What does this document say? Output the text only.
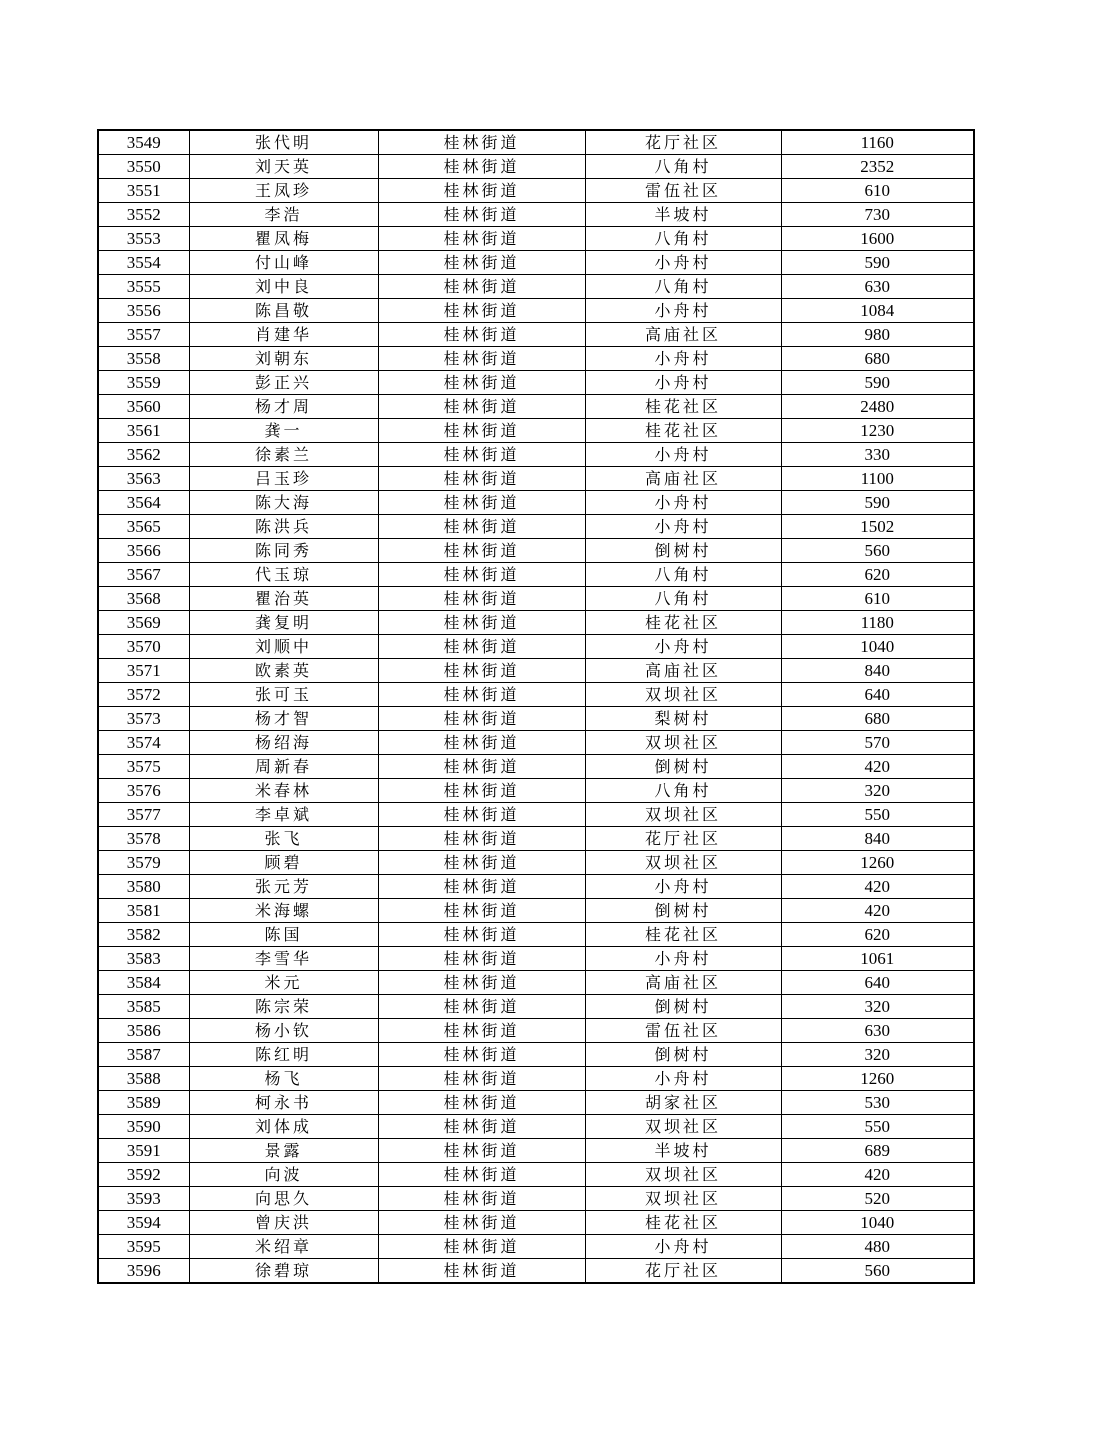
3549	张代明	桂林街道	花厅社区	1160
3550	刘天英	桂林街道	八角村	2352
3551	王凤珍	桂林街道	雷伍社区	610
3552	李浩	桂林街道	半坡村	730
3553	瞿凤梅	桂林街道	八角村	1600
3554	付山峰	桂林街道	小舟村	590
3555	刘中良	桂林街道	八角村	630
3556	陈昌敬	桂林街道	小舟村	1084
3557	肖建华	桂林街道	高庙社区	980
3558	刘朝东	桂林街道	小舟村	680
3559	彭正兴	桂林街道	小舟村	590
3560	杨才周	桂林街道	桂花社区	2480
3561	龚一	桂林街道	桂花社区	1230
3562	徐素兰	桂林街道	小舟村	330
3563	吕玉珍	桂林街道	高庙社区	1100
3564	陈大海	桂林街道	小舟村	590
3565	陈洪兵	桂林街道	小舟村	1502
3566	陈同秀	桂林街道	倒树村	560
3567	代玉琼	桂林街道	八角村	620
3568	瞿治英	桂林街道	八角村	610
3569	龚复明	桂林街道	桂花社区	1180
3570	刘顺中	桂林街道	小舟村	1040
3571	欧素英	桂林街道	高庙社区	840
3572	张可玉	桂林街道	双坝社区	640
3573	杨才智	桂林街道	梨树村	680
3574	杨绍海	桂林街道	双坝社区	570
3575	周新春	桂林街道	倒树村	420
3576	米春林	桂林街道	八角村	320
3577	李卓斌	桂林街道	双坝社区	550
3578	张飞	桂林街道	花厅社区	840
3579	顾碧	桂林街道	双坝社区	1260
3580	张元芳	桂林街道	小舟村	420
3581	米海螺	桂林街道	倒树村	420
3582	陈国	桂林街道	桂花社区	620
3583	李雪华	桂林街道	小舟村	1061
3584	米元	桂林街道	高庙社区	640
3585	陈宗荣	桂林街道	倒树村	320
3586	杨小钦	桂林街道	雷伍社区	630
3587	陈红明	桂林街道	倒树村	320
3588	杨飞	桂林街道	小舟村	1260
3589	柯永书	桂林街道	胡家社区	530
3590	刘体成	桂林街道	双坝社区	550
3591	景露	桂林街道	半坡村	689
3592	向波	桂林街道	双坝社区	420
3593	向思久	桂林街道	双坝社区	520
3594	曾庆洪	桂林街道	桂花社区	1040
3595	米绍章	桂林街道	小舟村	480
3596	徐碧琼	桂林街道	花厅社区	560
